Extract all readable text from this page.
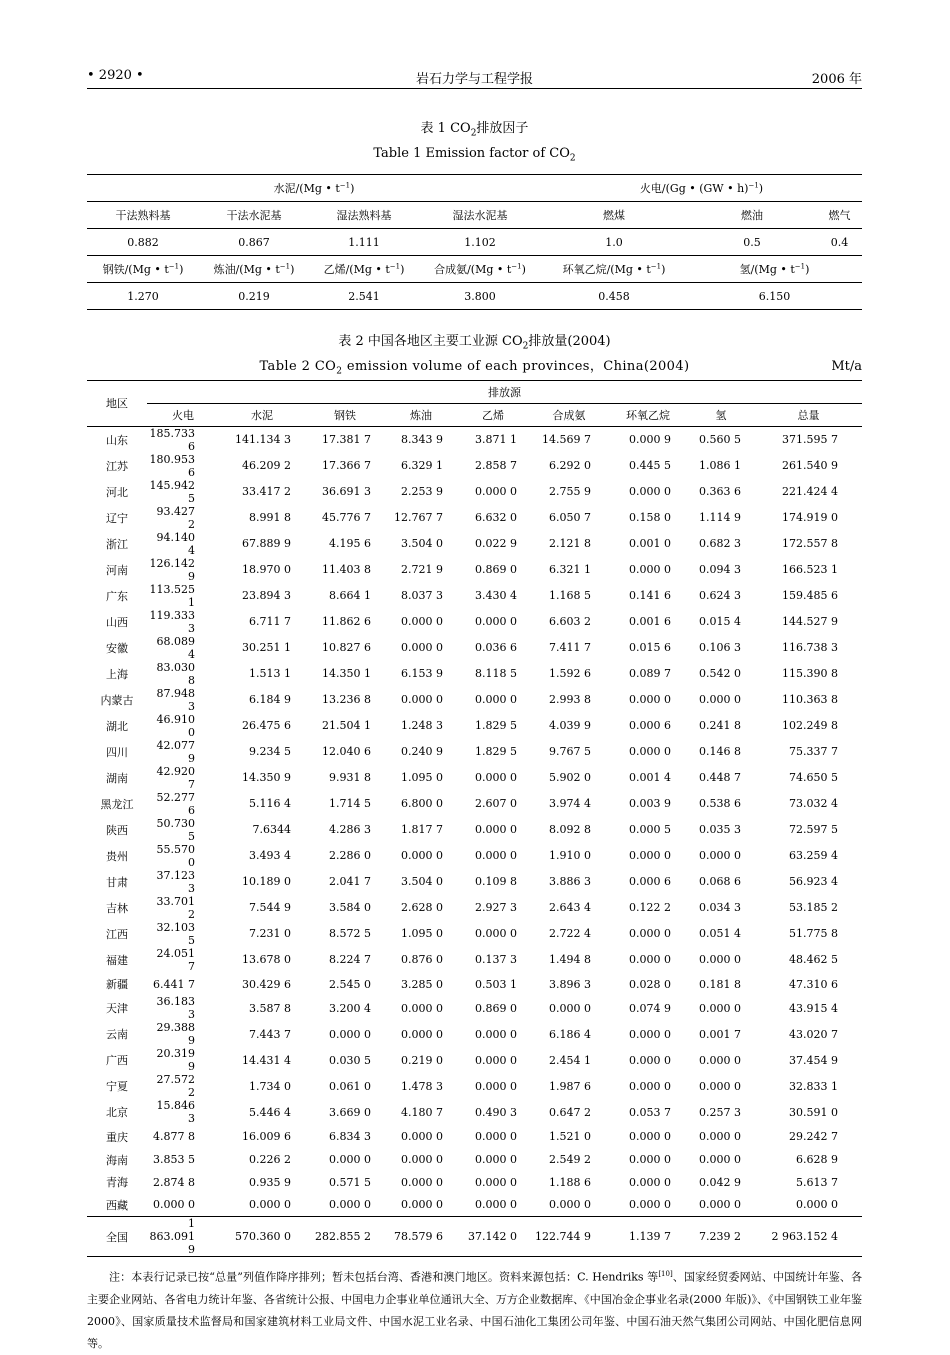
• 2920 •	岩石力学与工程学报	2006 年
表 1 $CO_2$排放因子
Table 1 Emission factor of $CO_2$
水泥/(Mg • $t^{-1}$)				火电/(Gg • (GW • h)$^{-1}$)		
干法熟料基	干法水泥基	湿法熟料基	湿法水泥基	燃煤	燃油	燃气
0.882	0.867	1.111	1.102	1.0	0.5	0.4
钢铁/(Mg • $t^{-1}$)	炼油/(Mg • $t^{-1}$)	乙烯/(Mg • $t^{-1}$)	合成氨/(Mg • $t^{-1}$)	环氧乙烷/(Mg • $t^{-1}$)	氢/(Mg • $t^{-1}$)	
1.270	0.219	2.541	3.800	0.458	6.150	
表 2 中国各地区主要工业源 $CO_2$排放量(2004)
Table 2 $CO_2$ emission volume of each provinces，China(2004)	Mt/a
地区	排放源								
	火电	水泥	钢铁	炼油	乙烯	合成氨	环氧乙烷	氢	总量
山东	185.733 6	141.134 3	17.381 7	8.343 9	3.871 1	14.569 7	0.000 9	0.560 5	371.595 7
江苏	180.953 6	46.209 2	17.366 7	6.329 1	2.858 7	6.292 0	0.445 5	1.086 1	261.540 9
河北	145.942 5	33.417 2	36.691 3	2.253 9	0.000 0	2.755 9	0.000 0	0.363 6	221.424 4
辽宁	93.427 2	8.991 8	45.776 7	12.767 7	6.632 0	6.050 7	0.158 0	1.114 9	174.919 0
浙江	94.140 4	67.889 9	4.195 6	3.504 0	0.022 9	2.121 8	0.001 0	0.682 3	172.557 8
河南	126.142 9	18.970 0	11.403 8	2.721 9	0.869 0	6.321 1	0.000 0	0.094 3	166.523 1
广东	113.525 1	23.894 3	8.664 1	8.037 3	3.430 4	1.168 5	0.141 6	0.624 3	159.485 6
山西	119.333 3	6.711 7	11.862 6	0.000 0	0.000 0	6.603 2	0.001 6	0.015 4	144.527 9
安徽	68.089 4	30.251 1	10.827 6	0.000 0	0.036 6	7.411 7	0.015 6	0.106 3	116.738 3
上海	83.030 8	1.513 1	14.350 1	6.153 9	8.118 5	1.592 6	0.089 7	0.542 0	115.390 8
内蒙古	87.948 3	6.184 9	13.236 8	0.000 0	0.000 0	2.993 8	0.000 0	0.000 0	110.363 8
湖北	46.910 0	26.475 6	21.504 1	1.248 3	1.829 5	4.039 9	0.000 6	0.241 8	102.249 8
四川	42.077 9	9.234 5	12.040 6	0.240 9	1.829 5	9.767 5	0.000 0	0.146 8	75.337 7
湖南	42.920 7	14.350 9	9.931 8	1.095 0	0.000 0	5.902 0	0.001 4	0.448 7	74.650 5
黑龙江	52.277 6	5.116 4	1.714 5	6.800 0	2.607 0	3.974 4	0.003 9	0.538 6	73.032 4
陕西	50.730 5	7.6344	4.286 3	1.817 7	0.000 0	8.092 8	0.000 5	0.035 3	72.597 5
贵州	55.570 0	3.493 4	2.286 0	0.000 0	0.000 0	1.910 0	0.000 0	0.000 0	63.259 4
甘肃	37.123 3	10.189 0	2.041 7	3.504 0	0.109 8	3.886 3	0.000 6	0.068 6	56.923 4
吉林	33.701 2	7.544 9	3.584 0	2.628 0	2.927 3	2.643 4	0.122 2	0.034 3	53.185 2
江西	32.103 5	7.231 0	8.572 5	1.095 0	0.000 0	2.722 4	0.000 0	0.051 4	51.775 8
福建	24.051 7	13.678 0	8.224 7	0.876 0	0.137 3	1.494 8	0.000 0	0.000 0	48.462 5
新疆	6.441 7	30.429 6	2.545 0	3.285 0	0.503 1	3.896 3	0.028 0	0.181 8	47.310 6
天津	36.183 3	3.587 8	3.200 4	0.000 0	0.869 0	0.000 0	0.074 9	0.000 0	43.915 4
云南	29.388 9	7.443 7	0.000 0	0.000 0	0.000 0	6.186 4	0.000 0	0.001 7	43.020 7
广西	20.319 9	14.431 4	0.030 5	0.219 0	0.000 0	2.454 1	0.000 0	0.000 0	37.454 9
宁夏	27.572 2	1.734 0	0.061 0	1.478 3	0.000 0	1.987 6	0.000 0	0.000 0	32.833 1
北京	15.846 3	5.446 4	3.669 0	4.180 7	0.490 3	0.647 2	0.053 7	0.257 3	30.591 0
重庆	4.877 8	16.009 6	6.834 3	0.000 0	0.000 0	1.521 0	0.000 0	0.000 0	29.242 7
海南	3.853 5	0.226 2	0.000 0	0.000 0	0.000 0	2.549 2	0.000 0	0.000 0	6.628 9
青海	2.874 8	0.935 9	0.571 5	0.000 0	0.000 0	1.188 6	0.000 0	0.042 9	5.613 7
西藏	0.000 0	0.000 0	0.000 0	0.000 0	0.000 0	0.000 0	0.000 0	0.000 0	0.000 0
全国	1 863.091 9	570.360 0	282.855 2	78.579 6	37.142 0	122.744 9	1.139 7	7.239 2	2 963.152 4
注：本表行记录已按“总量”列值作降序排列；暂未包括台湾、香港和澳门地区。资料来源包括：C. Hendriks 等[10]、国家经贸委网站、中国统计年鉴、各主要企业网站、各省电力统计年鉴、各省统计公报、中国电力企事业单位通讯大全、万方企业数据库、《中国冶金企事业名录(2000 年版)》、《中国钢铁工业年鉴 2000》、国家质量技术监督局和国家建筑材料工业局文件、中国水泥工业名录、中国石油化工集团公司年鉴、中国石油天然气集团公司网站、中国化肥信息网等。
